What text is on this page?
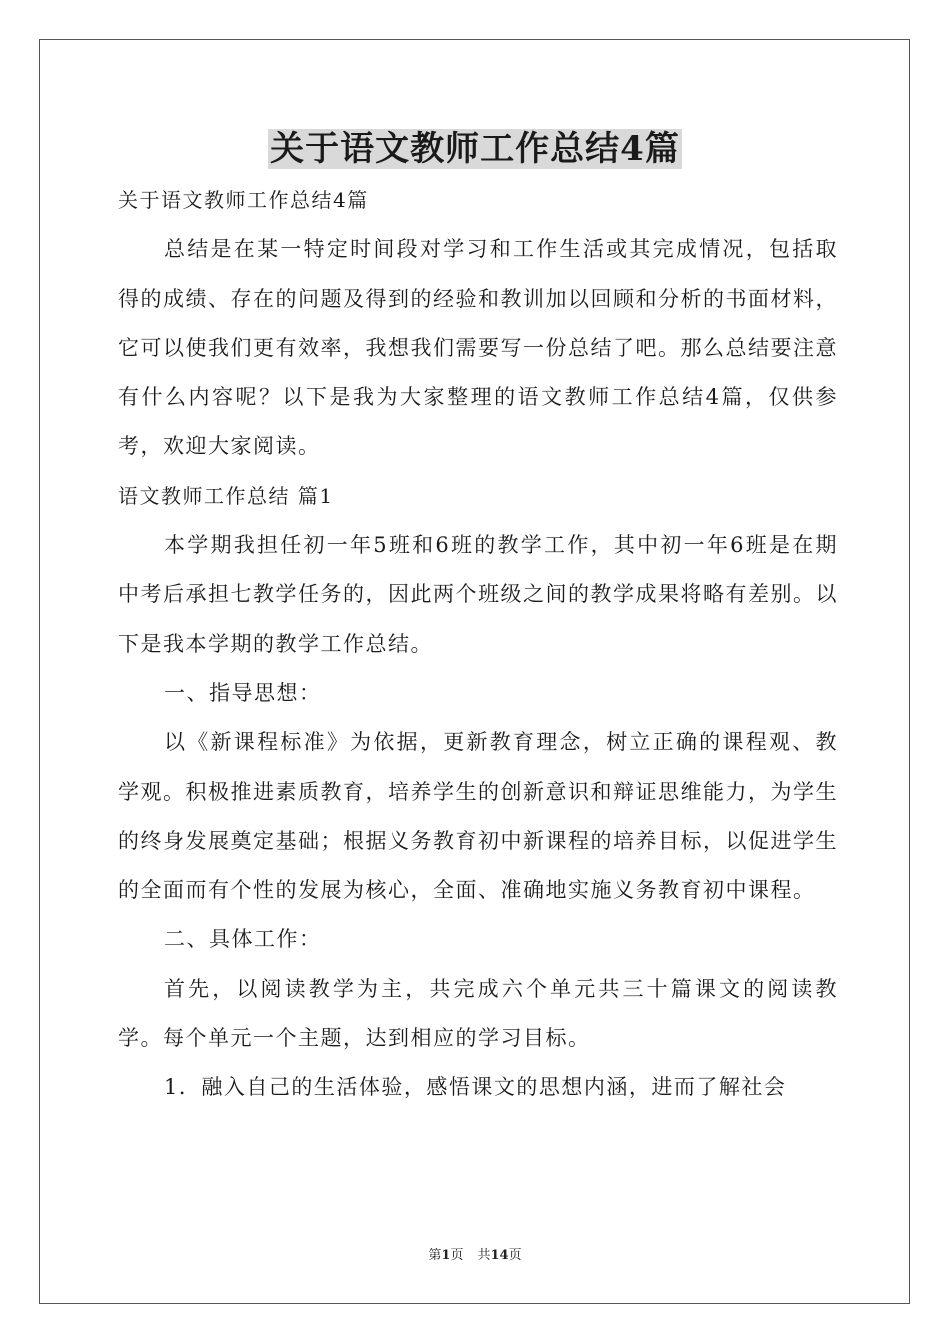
关于语文教师工作总结4篇

关于语文教师工作总结4篇

总结是在某一特定时间段对学习和工作生活或其完成情况，包括取得的成绩、存在的问题及得到的经验和教训加以回顾和分析的书面材料，它可以使我们更有效率，我想我们需要写一份总结了吧。那么总结要注意有什么内容呢？以下是我为大家整理的语文教师工作总结4篇，仅供参考，欢迎大家阅读。

语文教师工作总结 篇1

本学期我担任初一年5班和6班的教学工作，其中初一年6班是在期中考后承担七教学任务的，因此两个班级之间的教学成果将略有差别。以下是我本学期的教学工作总结。

一、指导思想：

以《新课程标准》为依据，更新教育理念，树立正确的课程观、教学观。积极推进素质教育，培养学生的创新意识和辩证思维能力，为学生的终身发展奠定基础；根据义务教育初中新课程的培养目标，以促进学生的全面而有个性的发展为核心，全面、准确地实施义务教育初中课程。

二、具体工作：

首先，以阅读教学为主，共完成六个单元共三十篇课文的阅读教学。每个单元一个主题，达到相应的学习目标。

1．融入自己的生活体验，感悟课文的思想内涵，进而了解社会

第1页 共14页
